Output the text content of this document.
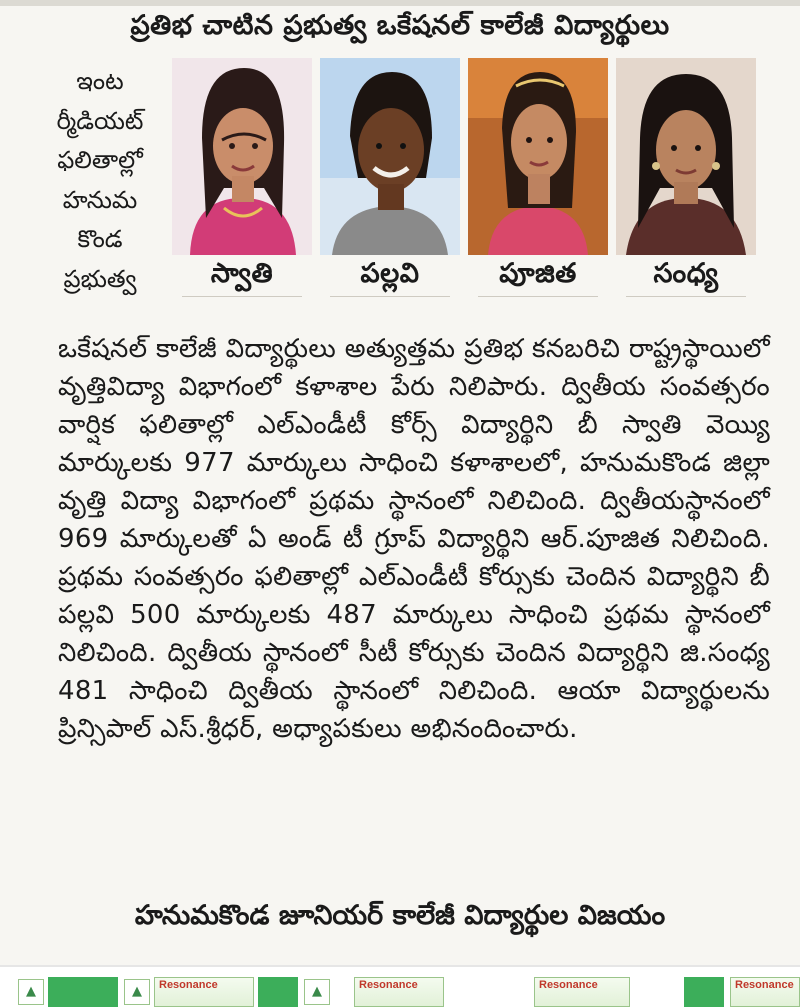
ప్రతిభ చాటిన ప్రభుత్వ ఒకేషనల్ కాలేజీ విద్యార్థులు
ఇంట
ర్మీడియట్
ఫలితాల్లో
హనుమ
కొండ
ప్రభుత్వ	స్వాతి	పల్లవి	పూజిత	సంధ్య
ఒకేషనల్ కాలేజీ విద్యార్థులు అత్యుత్తమ ప్రతిభ కనబరిచి రాష్ట్రస్థాయిలో వృత్తివిద్యా విభాగంలో కళాశాల పేరు నిలిపారు. ద్వితీయ సంవత్సరం వార్షిక ఫలితాల్లో ఎల్ఎండీటీ కోర్స్ విద్యార్థిని బీ స్వాతి వెయ్యి మార్కులకు 977 మార్కులు సాధించి కళాశాలలో, హనుమకొండ జిల్లా వృత్తి విద్యా విభాగంలో ప్రథమ స్థానంలో నిలిచింది. ద్వితీయస్థానంలో 969 మార్కులతో ఏ అండ్ టీ గ్రూప్ విద్యార్థిని ఆర్.పూజిత నిలిచింది. ప్రథమ సంవత్సరం ఫలితాల్లో ఎల్ఎండీటీ కోర్సుకు చెందిన విద్యార్థిని బీ పల్లవి 500 మార్కులకు 487 మార్కులు సాధించి ప్రథమ స్థానంలో నిలిచింది. ద్వితీయ స్థానంలో సీటీ కోర్సుకు చెందిన విద్యార్థిని జి.సంధ్య 481 సాధించి ద్వితీయ స్థానంలో నిలిచింది. ఆయా విద్యార్థులను ప్రిన్సిపాల్ ఎస్.శ్రీధర్, అధ్యాపకులు అభినందించారు.
హనుమకొండ జూనియర్ కాలేజీ విద్యార్థుల విజయం
▲	▲	Resonance	▲	Resonance	Resonance	Resonance
